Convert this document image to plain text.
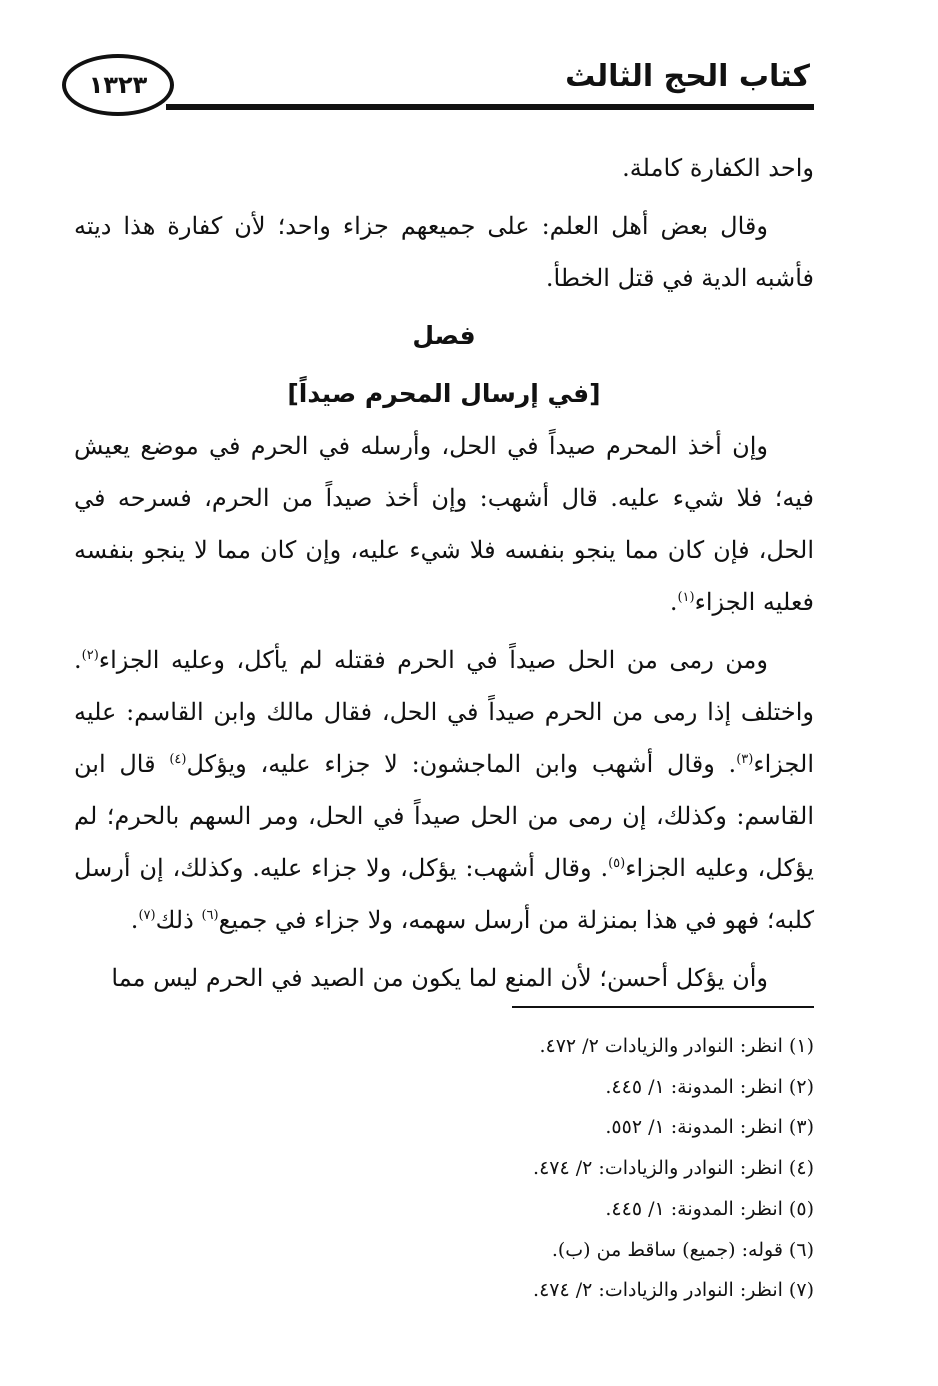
١٣٢٣	كتاب الحج الثالث

واحد الكفارة كاملة.

وقال بعض أهل العلم: على جميعهم جزاء واحد؛ لأن كفارة هذا ديته فأشبه الدية في قتل الخطأ.

فصل
[في إرسال المحرم صيداً]

وإن أخذ المحرم صيداً في الحل، وأرسله في الحرم في موضع يعيش فيه؛ فلا شيء عليه. قال أشهب: وإن أخذ صيداً من الحرم، فسرحه في الحل، فإن كان مما ينجو بنفسه فلا شيء عليه، وإن كان مما لا ينجو بنفسه فعليه الجزاء$^{(١)}$.

ومن رمى من الحل صيداً في الحرم فقتله لم يأكل، وعليه الجزاء$^{(٢)}$. واختلف إذا رمى من الحرم صيداً في الحل، فقال مالك وابن القاسم: عليه الجزاء$^{(٣)}$. وقال أشهب وابن الماجشون: لا جزاء عليه، ويؤكل$^{(٤)}$ قال ابن القاسم: وكذلك، إن رمى من الحل صيداً في الحل، ومر السهم بالحرم؛ لم يؤكل، وعليه الجزاء$^{(٥)}$. وقال أشهب: يؤكل، ولا جزاء عليه. وكذلك، إن أرسل كلبه؛ فهو في هذا بمنزلة من أرسل سهمه، ولا جزاء في جميع$^{(٦)}$ ذلك$^{(٧)}$.

وأن يؤكل أحسن؛ لأن المنع لما يكون من الصيد في الحرم ليس مما

(١) انظر: النوادر والزيادات ٢/ ٤٧٢.
(٢) انظر: المدونة: ١/ ٤٤٥.
(٣) انظر: المدونة: ١/ ٥٥٢.
(٤) انظر: النوادر والزيادات: ٢/ ٤٧٤.
(٥) انظر: المدونة: ١/ ٤٤٥.
(٦) قوله: (جميع) ساقط من (ب).
(٧) انظر: النوادر والزيادات: ٢/ ٤٧٤.
